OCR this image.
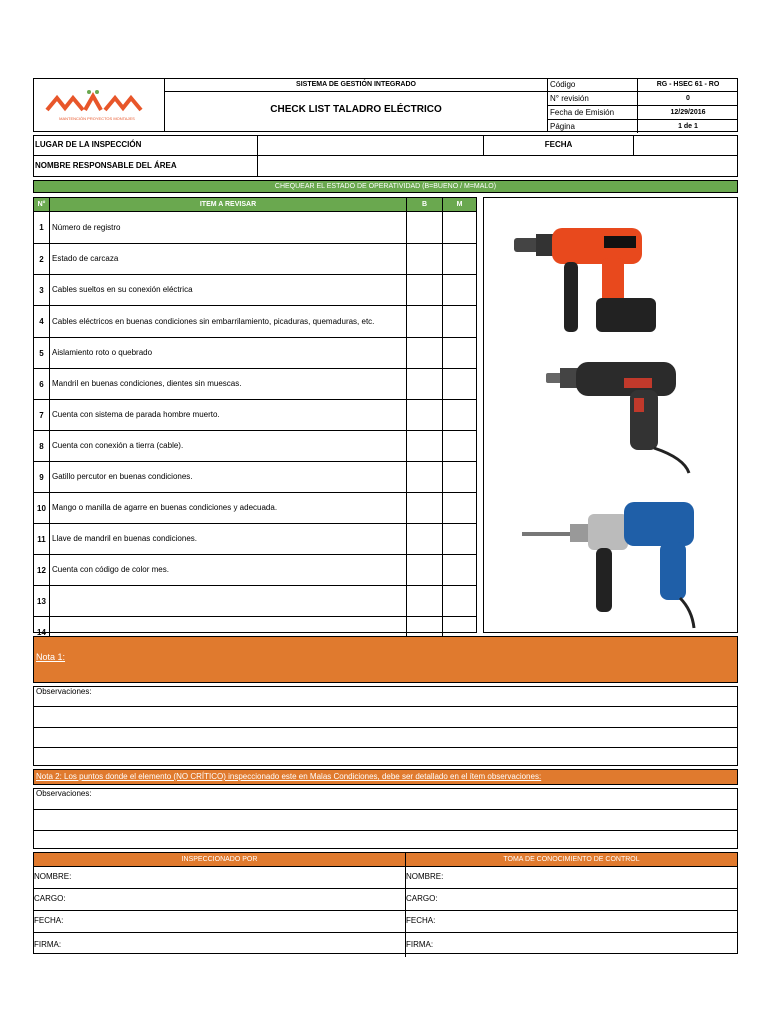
MANTENCIÓN PROYECTOS MONTAJES
SISTEMA DE GESTIÓN INTEGRADO
CHECK LIST TALADRO ELÉCTRICO
Código	RG - HSEC 61 - RO
N° revisión	0
Fecha de Emisión	12/29/2016
Página	1 de 1
LUGAR DE LA INSPECCIÓN	FECHA
NOMBRE RESPONSABLE DEL ÁREA
CHEQUEAR EL ESTADO DE OPERATIVIDAD (B=BUENO / M=MALO)
N°	ITEM A REVISAR	B	M
1	Número de registro
2	Estado de carcaza
3	Cables sueltos en su conexión eléctrica
4	Cables eléctricos en buenas condiciones sin embarrilamiento, picaduras, quemaduras, etc.
5	Aislamiento roto o quebrado
6	Mandril en buenas condiciones, dientes sin muescas.
7	Cuenta con sistema de parada hombre muerto.
8	Cuenta con conexión a tierra (cable).
9	Gatillo percutor en buenas condiciones.
10 Mango o manilla de agarre en buenas condiciones y adecuada.
11 Llave de mandril en buenas condiciones.
12 Cuenta con código de color mes.
13
14
Nota 1:
Observaciones:
Nota 2: Los puntos donde el elemento (NO CRÍTICO) inspeccionado este en Malas Condiciones, debe ser detallado en el ítem observaciones:
Observaciones:
INSPECCIONADO POR	TOMA DE CONOCIMIENTO DE CONTROL
NOMBRE:	NOMBRE:
CARGO:	CARGO:
FECHA:	FECHA:
FIRMA:	FIRMA:
